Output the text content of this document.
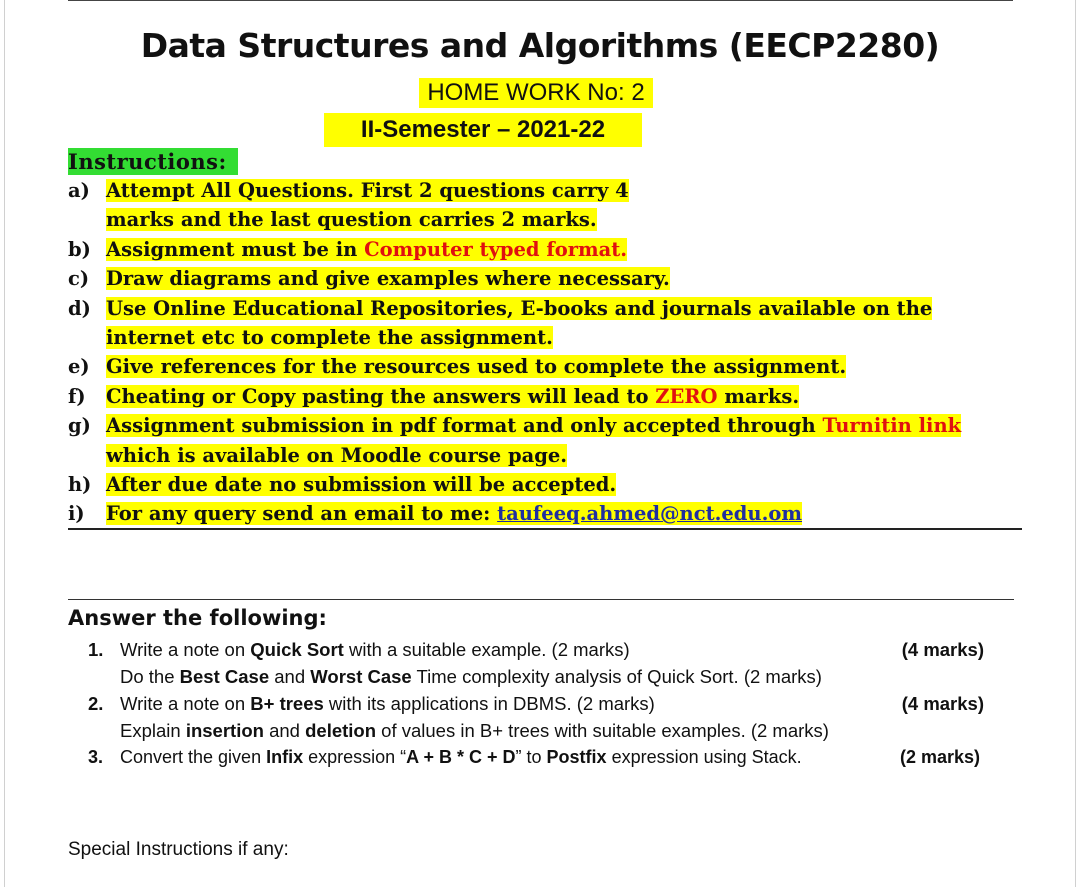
Data Structures and Algorithms (EECP2280)
HOME WORK No: 2
II-Semester – 2021-22
Instructions:
a) Attempt All Questions. First 2 questions carry 4
marks and the last question carries 2 marks.
b) Assignment must be in Computer typed format.
c) Draw diagrams and give examples where necessary.
d) Use Online Educational Repositories, E-books and journals available on the
internet etc to complete the assignment.
e) Give references for the resources used to complete the assignment.
f)	Cheating or Copy pasting the answers will lead to ZERO marks.
g) Assignment submission in pdf format and only accepted through Turnitin link
which is available on Moodle course page.
h) After due date no submission will be accepted.
i)	For any query send an email to me: taufeeq.ahmed@nct.edu.om
Answer the following:
1. Write a note on Quick Sort with a suitable example. (2 marks)	(4 marks)
Do the Best Case and Worst Case Time complexity analysis of Quick Sort. (2 marks)
2. Write a note on B+ trees with its applications in DBMS. (2 marks)	(4 marks)
Explain insertion and deletion of values in B+ trees with suitable examples. (2 marks)
3. Convert the given Infix expression “A + B * C + D” to Postfix expression using Stack.	(2 marks)
Special Instructions if any:
